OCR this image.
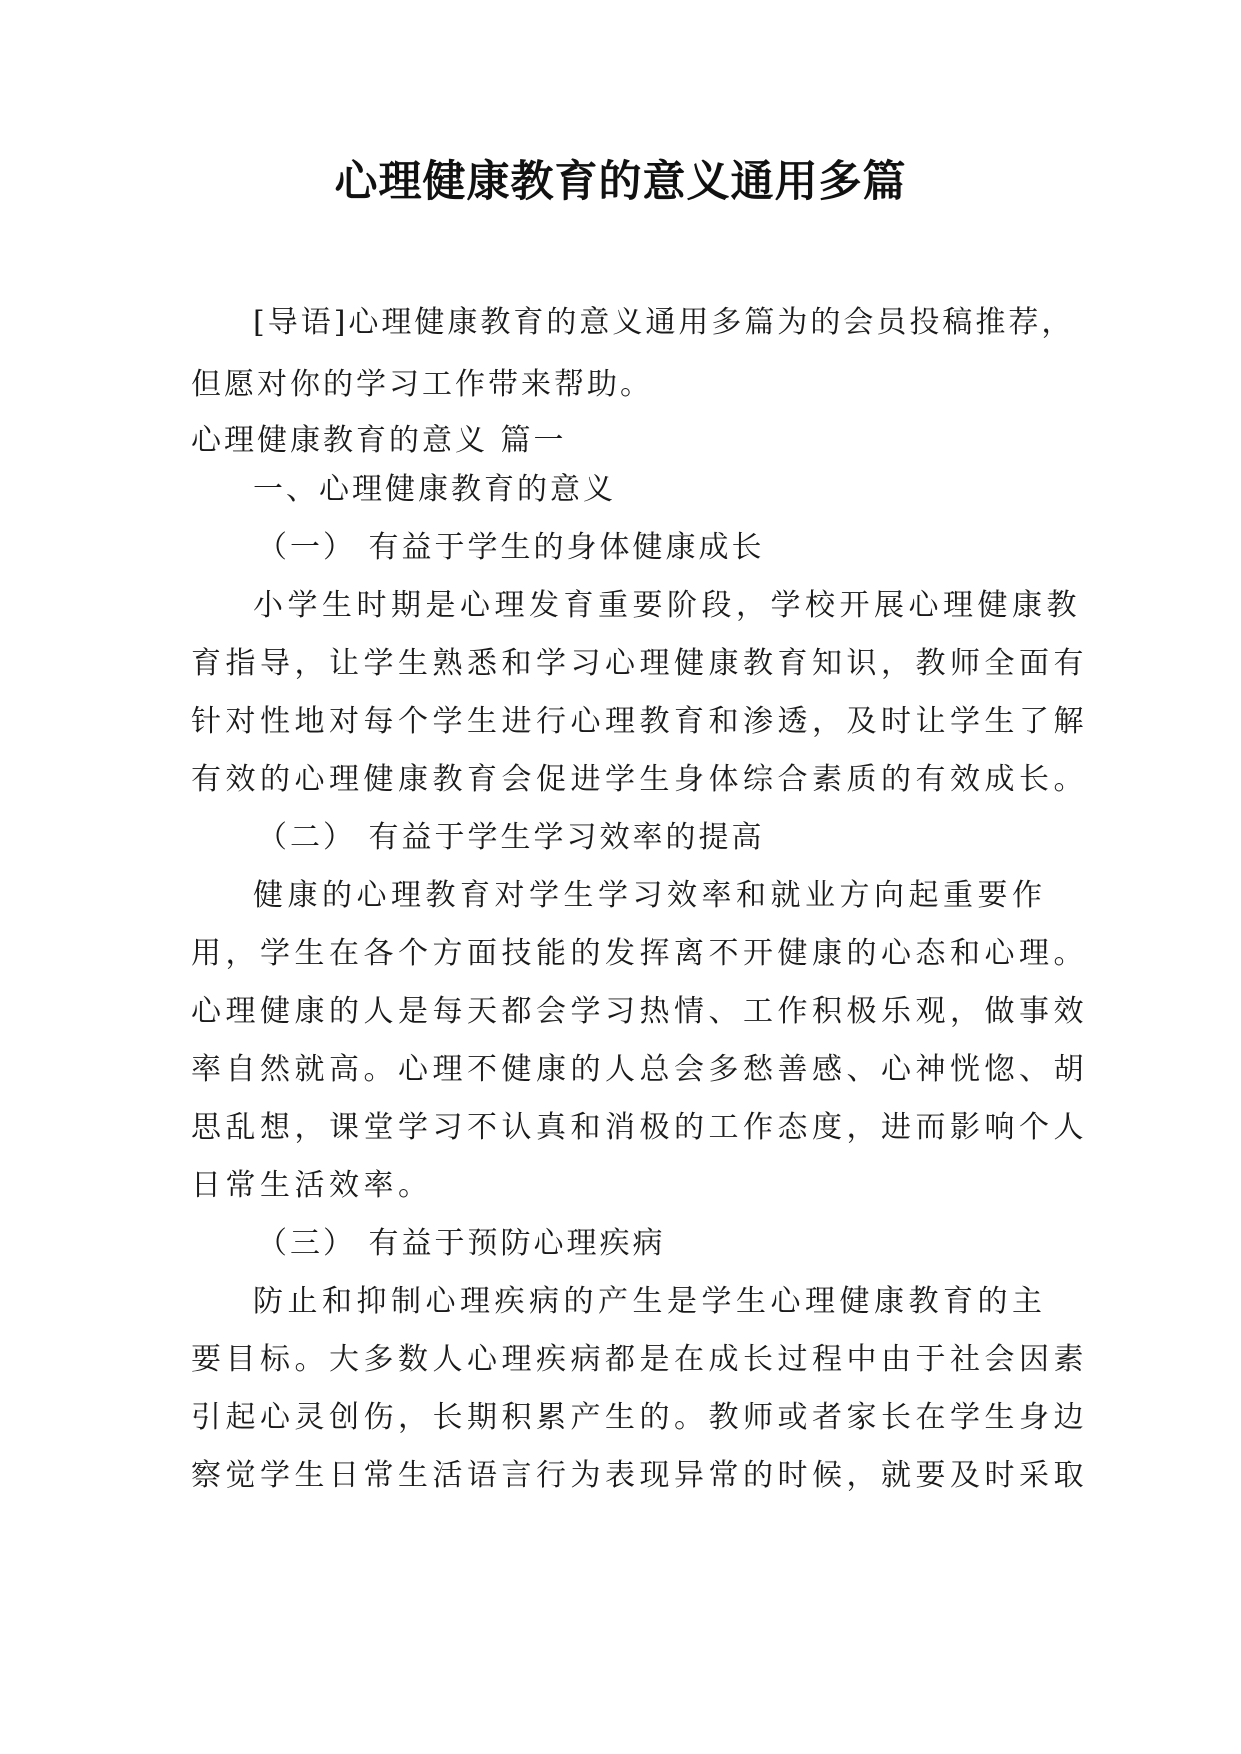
心理健康教育的意义通用多篇
[导语]心理健康教育的意义通用多篇为的会员投稿推荐，
但愿对你的学习工作带来帮助。
心理健康教育的意义 篇一
一、心理健康教育的意义
（一） 有益于学生的身体健康成长
小学生时期是心理发育重要阶段，学校开展心理健康教
育指导，让学生熟悉和学习心理健康教育知识，教师全面有
针对性地对每个学生进行心理教育和渗透，及时让学生了解
有效的心理健康教育会促进学生身体综合素质的有效成长。
（二） 有益于学生学习效率的提高
健康的心理教育对学生学习效率和就业方向起重要作
用，学生在各个方面技能的发挥离不开健康的心态和心理。
心理健康的人是每天都会学习热情、工作积极乐观，做事效
率自然就高。心理不健康的人总会多愁善感、心神恍惚、胡
思乱想，课堂学习不认真和消极的工作态度，进而影响个人
日常生活效率。
（三） 有益于预防心理疾病
防止和抑制心理疾病的产生是学生心理健康教育的主
要目标。大多数人心理疾病都是在成长过程中由于社会因素
引起心灵创伤，长期积累产生的。教师或者家长在学生身边
察觉学生日常生活语言行为表现异常的时候，就要及时采取
